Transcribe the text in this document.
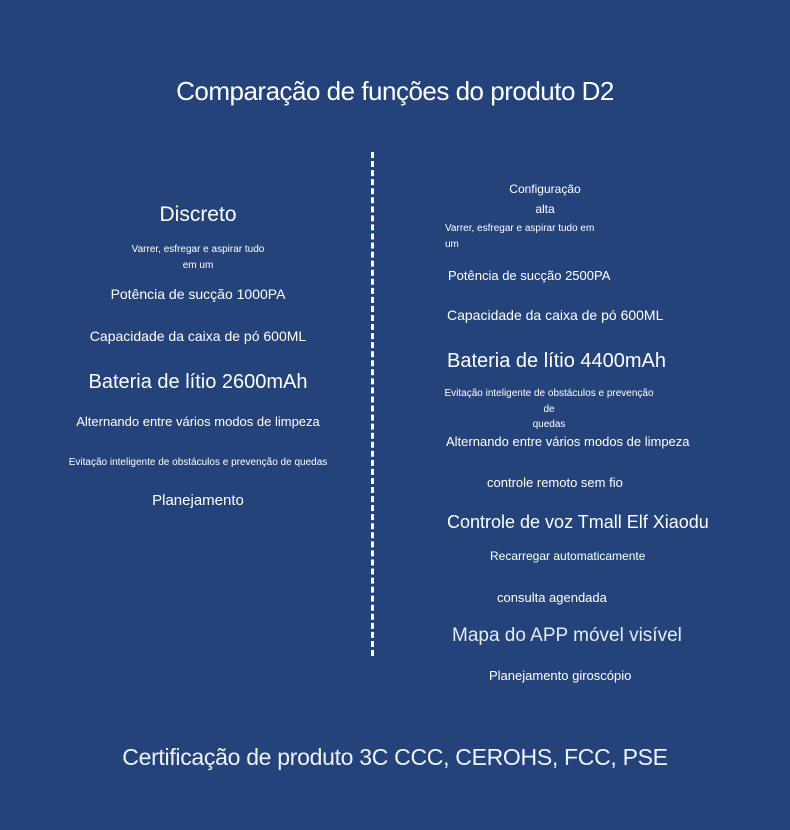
Comparação de funções do produto D2
Discreto
Varrer, esfregar e aspirar tudo
em um
Potência de sucção 1000PA
Capacidade da caixa de pó 600ML
Bateria de lítio 2600mAh
Alternando entre vários modos de limpeza
Evitação inteligente de obstáculos e prevenção de quedas
Planejamento
Configuração
alta
Varrer, esfregar e aspirar tudo em
um
Potência de sucção 2500PA
Capacidade da caixa de pó 600ML
Bateria de lítio 4400mAh
Evitação inteligente de obstáculos e prevenção de
quedas
Alternando entre vários modos de limpeza
controle remoto sem fio
Controle de voz Tmall Elf Xiaodu
Recarregar automaticamente
consulta agendada
Mapa do APP móvel visível
Planejamento giroscópio
Certificação de produto 3C CCC, CEROHS, FCC, PSE
